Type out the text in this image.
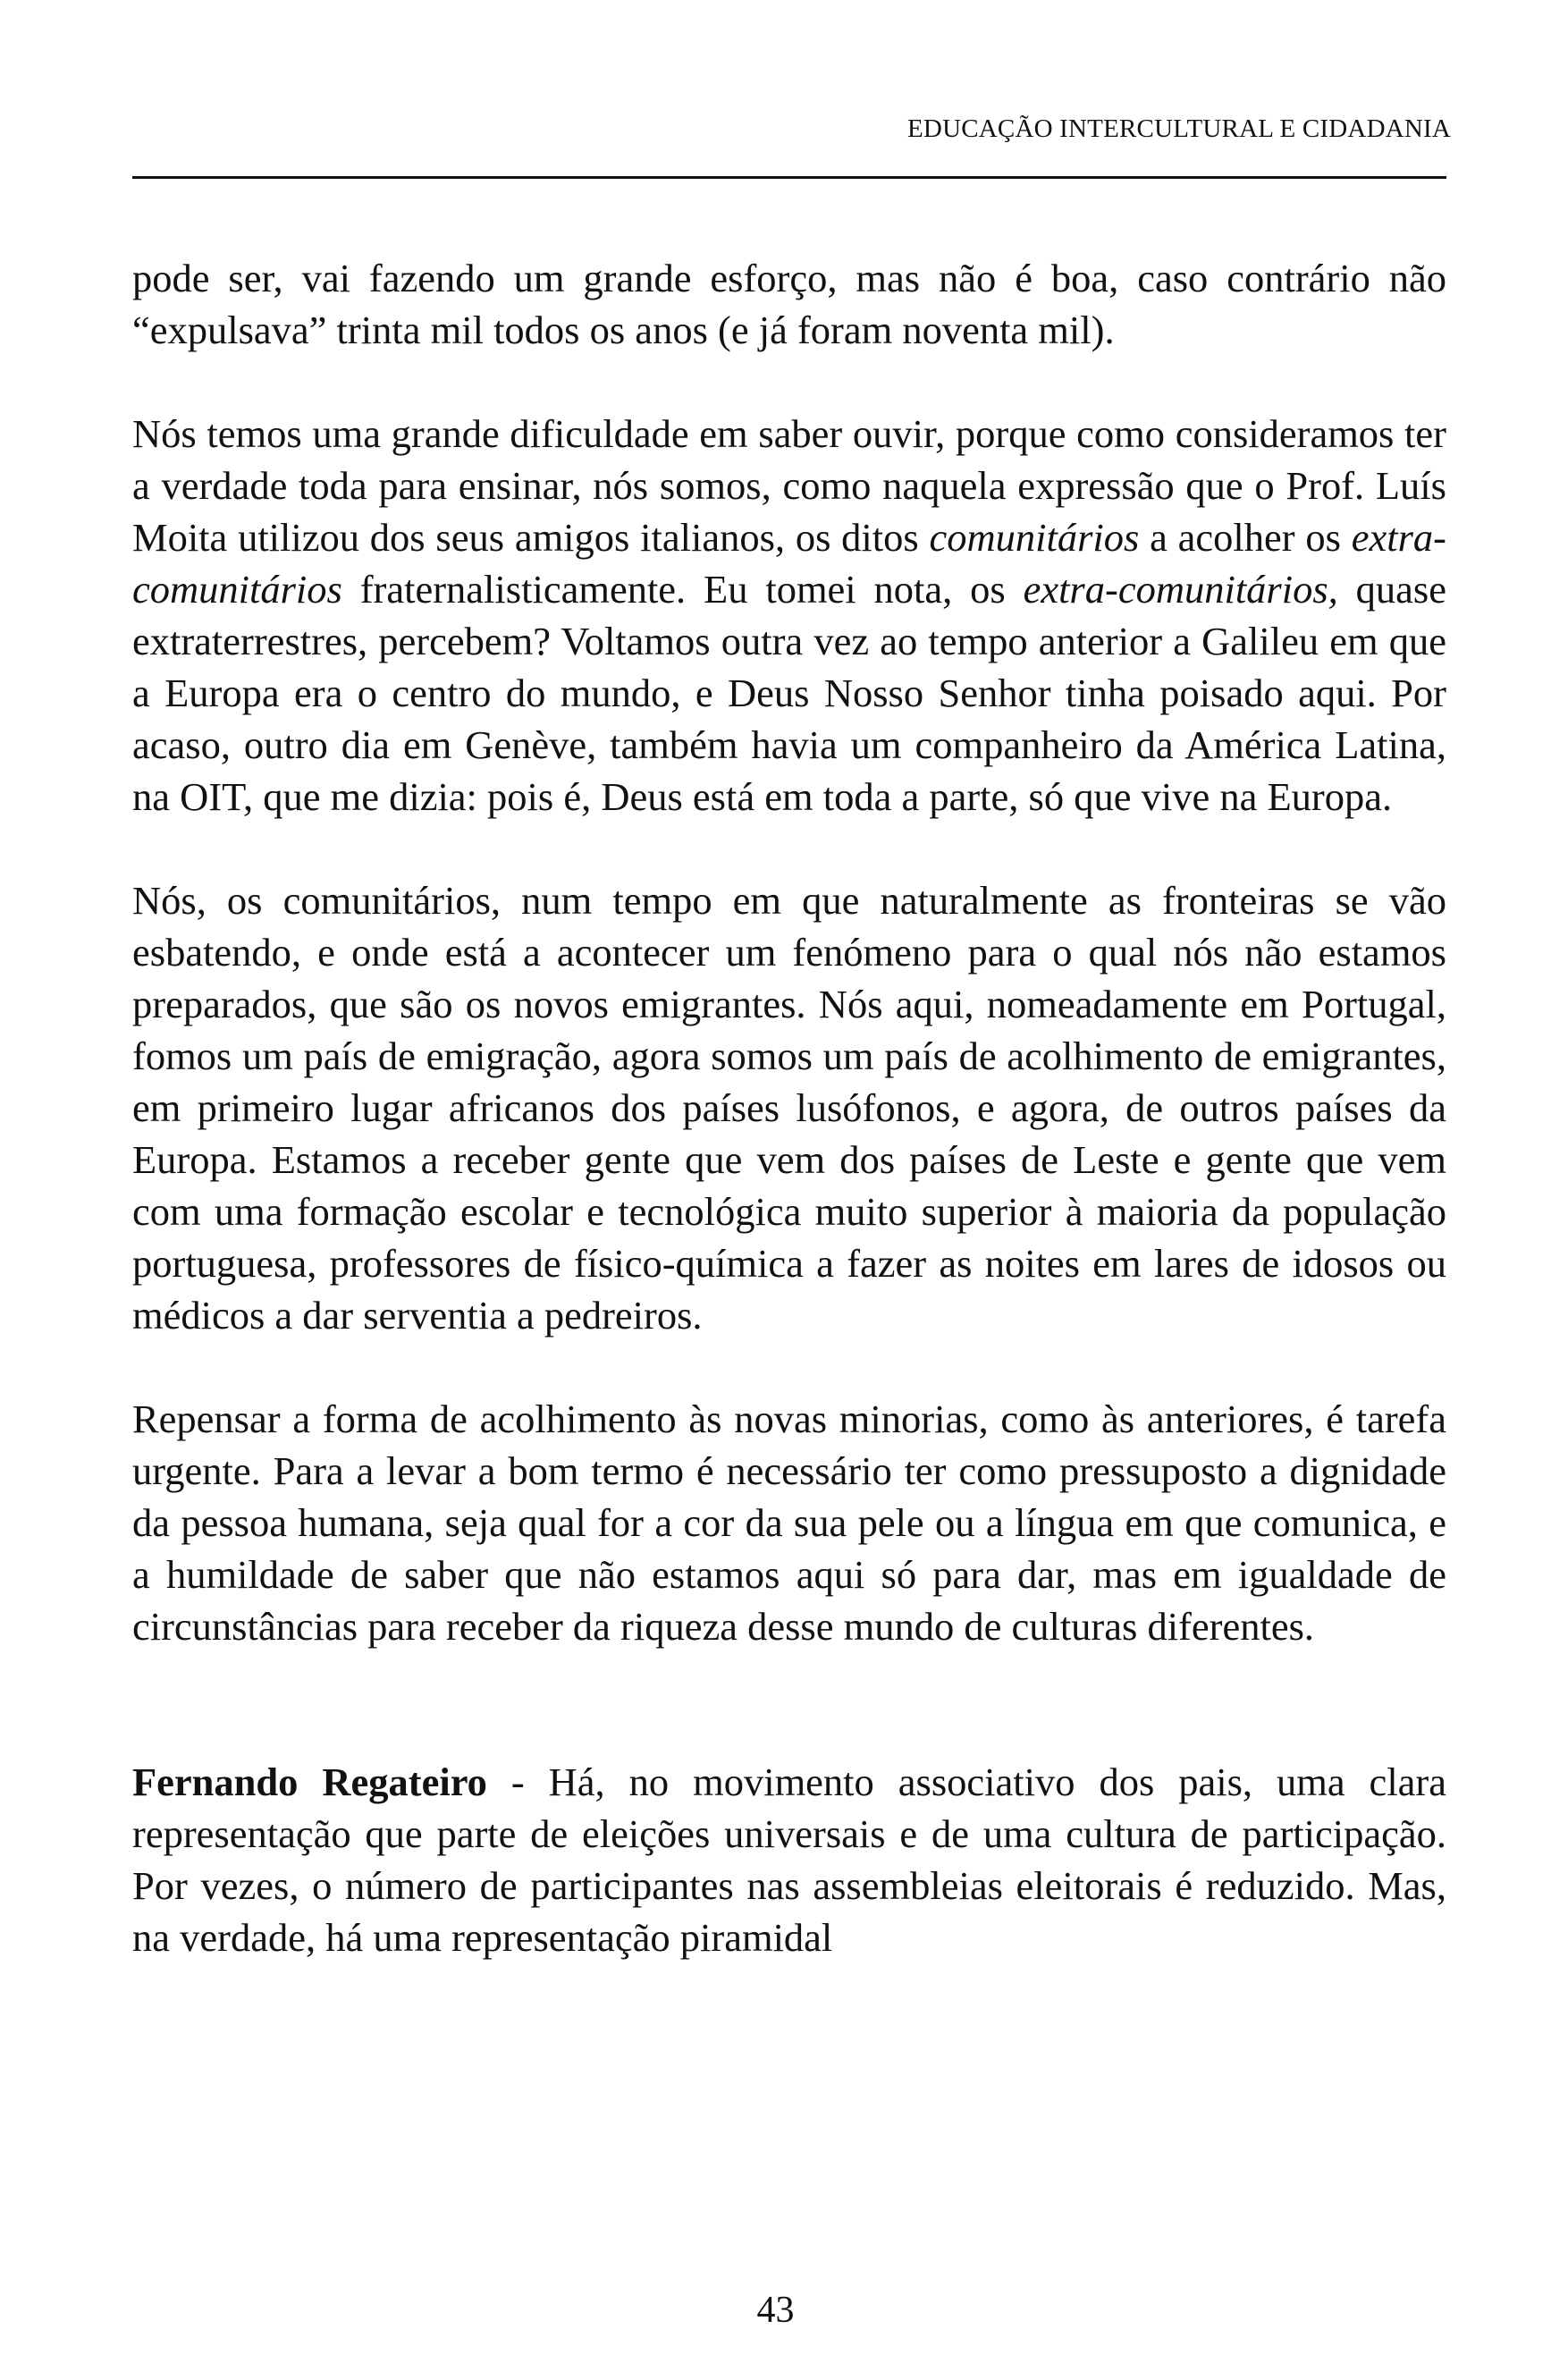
EDUCAÇÃO INTERCULTURAL E CIDADANIA

pode ser, vai fazendo um grande esforço, mas não é boa, caso contrário não “expulsava” trinta mil todos os anos (e já foram noventa mil).

Nós temos uma grande dificuldade em saber ouvir, porque como consideramos ter a verdade toda para ensinar, nós somos, como naquela expressão que o Prof. Luís Moita utilizou dos seus amigos italianos, os ditos comunitários a acolher os extra-comunitários fraternalisticamente. Eu tomei nota, os extra-comunitários, quase extraterrestres, percebem? Voltamos outra vez ao tempo anterior a Galileu em que a Europa era o centro do mundo, e Deus Nosso Senhor tinha poisado aqui. Por acaso, outro dia em Genève, também havia um companheiro da América Latina, na OIT, que me dizia: pois é, Deus está em toda a parte, só que vive na Europa.

Nós, os comunitários, num tempo em que naturalmente as fronteiras se vão esbatendo, e onde está a acontecer um fenómeno para o qual nós não estamos preparados, que são os novos emigrantes. Nós aqui, nomeadamente em Portugal, fomos um país de emigração, agora somos um país de acolhimento de emigrantes, em primeiro lugar africanos dos países lusófonos, e agora, de outros países da Europa. Estamos a receber gente que vem dos países de Leste e gente que vem com uma formação escolar e tecnológica muito superior à maioria da população portuguesa, professores de físico-química a fazer as noites em lares de idosos ou médicos a dar serventia a pedreiros.

Repensar a forma de acolhimento às novas minorias, como às anteriores, é tarefa urgente. Para a levar a bom termo é necessário ter como pressuposto a dignidade da pessoa humana, seja qual for a cor da sua pele ou a língua em que comunica, e a humildade de saber que não estamos aqui só para dar, mas em igualdade de circunstâncias para receber da riqueza desse mundo de culturas diferentes.

Fernando Regateiro - Há, no movimento associativo dos pais, uma clara representação que parte de eleições universais e de uma cultura de participação. Por vezes, o número de participantes nas assembleias eleitorais é reduzido. Mas, na verdade, há uma representação piramidal

43
